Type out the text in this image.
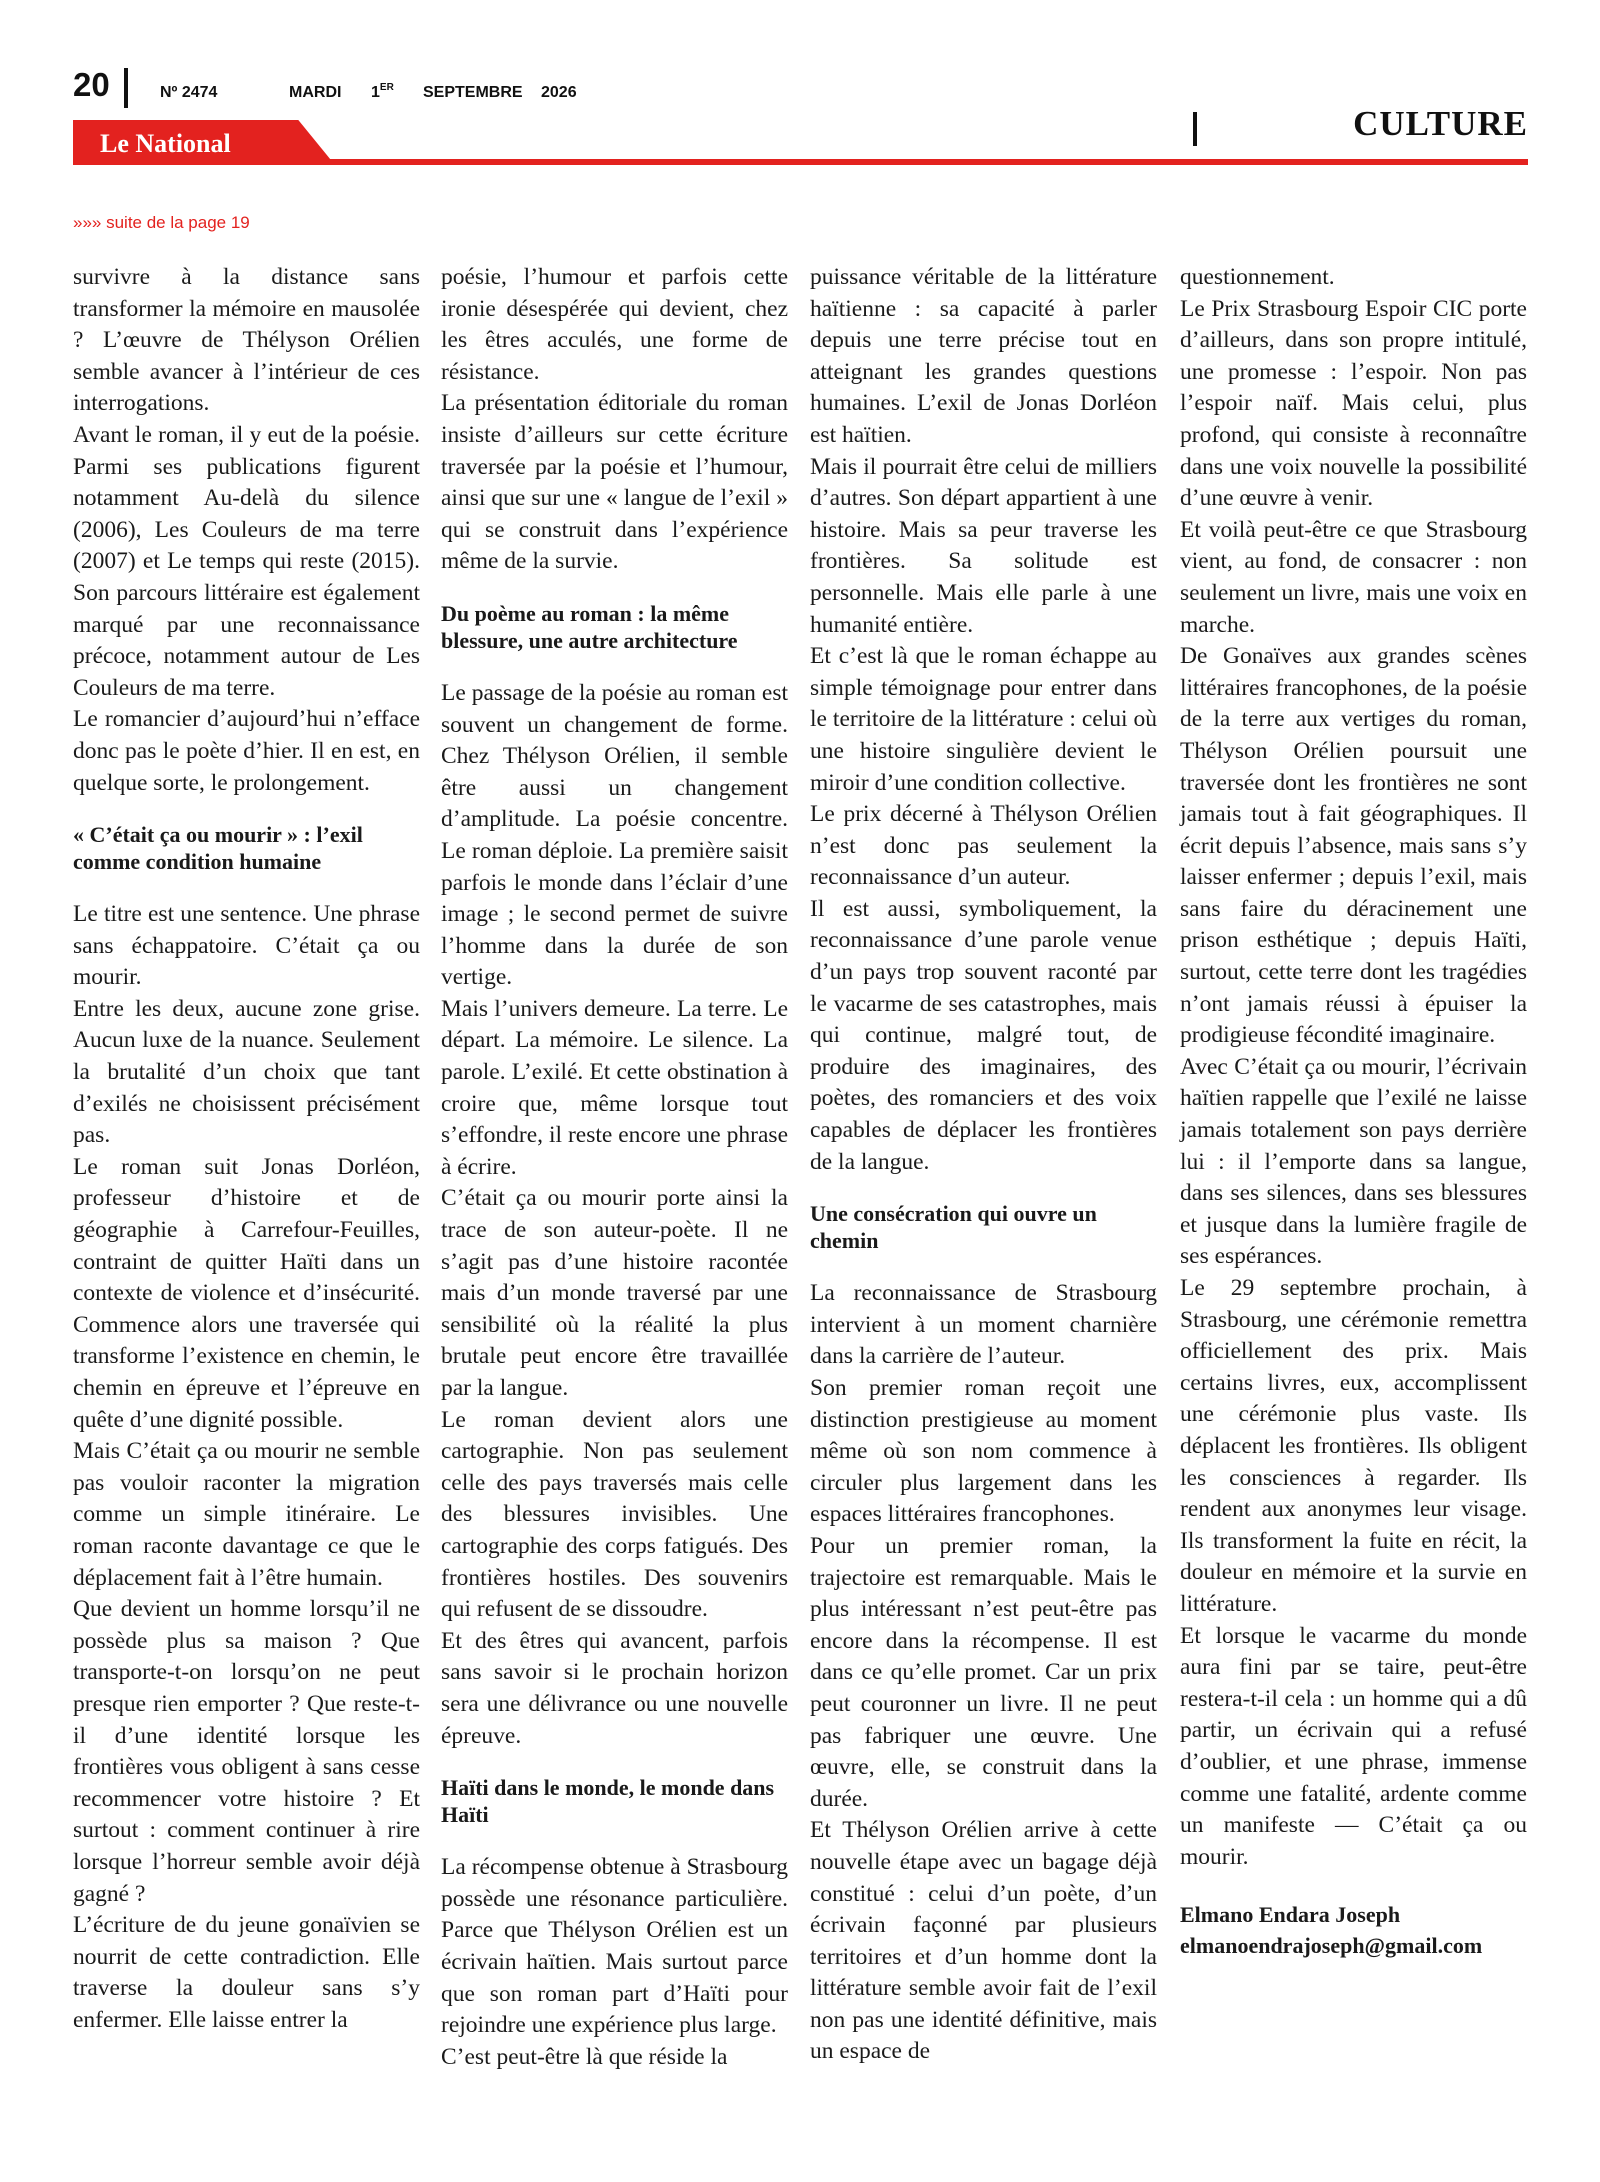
20	Nº 2474	MARDI 1ER SEPTEMBRE 2026
Le National
CULTURE
»»» suite de la page 19

survivre à la distance sans transformer la mémoire en mausolée ? L’œuvre de Thélyson Orélien semble avancer à l’intérieur de ces interrogations.

Avant le roman, il y eut de la poésie. Parmi ses publications figurent notamment Au-delà du silence (2006), Les Couleurs de ma terre (2007) et Le temps qui reste (2015). Son parcours littéraire est également marqué par une reconnaissance précoce, notamment autour de Les Couleurs de ma terre.

Le romancier d’aujourd’hui n’efface donc pas le poète d’hier. Il en est, en quelque sorte, le prolongement.

« C’était ça ou mourir » : l’exil comme condition humaine

Le titre est une sentence. Une phrase sans échappatoire. C’était ça ou mourir.

Entre les deux, aucune zone grise. Aucun luxe de la nuance. Seulement la brutalité d’un choix que tant d’exilés ne choisissent précisément pas.

Le roman suit Jonas Dorléon, professeur d’histoire et de géographie à Carrefour-Feuilles, contraint de quitter Haïti dans un contexte de violence et d’insécurité. Commence alors une traversée qui transforme l’existence en chemin, le chemin en épreuve et l’épreuve en quête d’une dignité possible.

Mais C’était ça ou mourir ne semble pas vouloir raconter la migration comme un simple itinéraire. Le roman raconte davantage ce que le déplacement fait à l’être humain.

Que devient un homme lorsqu’il ne possède plus sa maison ? Que transporte-t-on lorsqu’on ne peut presque rien emporter ? Que reste-t-il d’une identité lorsque les frontières vous obligent à sans cesse recommencer votre histoire ? Et surtout : comment continuer à rire lorsque l’horreur semble avoir déjà gagné ?

L’écriture de du jeune gonaïvien se nourrit de cette contradiction. Elle traverse la douleur sans s’y enfermer. Elle laisse entrer la

poésie, l’humour et parfois cette ironie désespérée qui devient, chez les êtres acculés, une forme de résistance.

La présentation éditoriale du roman insiste d’ailleurs sur cette écriture traversée par la poésie et l’humour, ainsi que sur une « langue de l’exil » qui se construit dans l’expérience même de la survie.

Du poème au roman : la même blessure, une autre architecture

Le passage de la poésie au roman est souvent un changement de forme. Chez Thélyson Orélien, il semble être aussi un changement d’amplitude. La poésie concentre. Le roman déploie. La première saisit parfois le monde dans l’éclair d’une image ; le second permet de suivre l’homme dans la durée de son vertige.

Mais l’univers demeure. La terre. Le départ. La mémoire. Le silence. La parole. L’exilé. Et cette obstination à croire que, même lorsque tout s’effondre, il reste encore une phrase à écrire.

C’était ça ou mourir porte ainsi la trace de son auteur-poète. Il ne s’agit pas d’une histoire racontée mais d’un monde traversé par une sensibilité où la réalité la plus brutale peut encore être travaillée par la langue.

Le roman devient alors une cartographie. Non pas seulement celle des pays traversés mais celle des blessures invisibles. Une cartographie des corps fatigués. Des frontières hostiles. Des souvenirs qui refusent de se dissoudre.

Et des êtres qui avancent, parfois sans savoir si le prochain horizon sera une délivrance ou une nouvelle épreuve.

Haïti dans le monde, le monde dans Haïti

La récompense obtenue à Strasbourg possède une résonance particulière. Parce que Thélyson Orélien est un écrivain haïtien. Mais surtout parce que son roman part d’Haïti pour rejoindre une expérience plus large.

C’est peut-être là que réside la

puissance véritable de la littérature haïtienne : sa capacité à parler depuis une terre précise tout en atteignant les grandes questions humaines. L’exil de Jonas Dorléon est haïtien.

Mais il pourrait être celui de milliers d’autres. Son départ appartient à une histoire. Mais sa peur traverse les frontières. Sa solitude est personnelle. Mais elle parle à une humanité entière.

Et c’est là que le roman échappe au simple témoignage pour entrer dans le territoire de la littérature : celui où une histoire singulière devient le miroir d’une condition collective.

Le prix décerné à Thélyson Orélien n’est donc pas seulement la reconnaissance d’un auteur.

Il est aussi, symboliquement, la reconnaissance d’une parole venue d’un pays trop souvent raconté par le vacarme de ses catastrophes, mais qui continue, malgré tout, de produire des imaginaires, des poètes, des romanciers et des voix capables de déplacer les frontières de la langue.

Une consécration qui ouvre un chemin

La reconnaissance de Strasbourg intervient à un moment charnière dans la carrière de l’auteur.

Son premier roman reçoit une distinction prestigieuse au moment même où son nom commence à circuler plus largement dans les espaces littéraires francophones.

Pour un premier roman, la trajectoire est remarquable. Mais le plus intéressant n’est peut-être pas encore dans la récompense. Il est dans ce qu’elle promet. Car un prix peut couronner un livre. Il ne peut pas fabriquer une œuvre. Une œuvre, elle, se construit dans la durée.

Et Thélyson Orélien arrive à cette nouvelle étape avec un bagage déjà constitué : celui d’un poète, d’un écrivain façonné par plusieurs territoires et d’un homme dont la littérature semble avoir fait de l’exil non pas une identité définitive, mais un espace de

questionnement.

Le Prix Strasbourg Espoir CIC porte d’ailleurs, dans son propre intitulé, une promesse : l’espoir. Non pas l’espoir naïf. Mais celui, plus profond, qui consiste à reconnaître dans une voix nouvelle la possibilité d’une œuvre à venir.

Et voilà peut-être ce que Strasbourg vient, au fond, de consacrer : non seulement un livre, mais une voix en marche.

De Gonaïves aux grandes scènes littéraires francophones, de la poésie de la terre aux vertiges du roman, Thélyson Orélien poursuit une traversée dont les frontières ne sont jamais tout à fait géographiques. Il écrit depuis l’absence, mais sans s’y laisser enfermer ; depuis l’exil, mais sans faire du déracinement une prison esthétique ; depuis Haïti, surtout, cette terre dont les tragédies n’ont jamais réussi à épuiser la prodigieuse fécondité imaginaire.

Avec C’était ça ou mourir, l’écrivain haïtien rappelle que l’exilé ne laisse jamais totalement son pays derrière lui : il l’emporte dans sa langue, dans ses silences, dans ses blessures et jusque dans la lumière fragile de ses espérances.

Le 29 septembre prochain, à Strasbourg, une cérémonie remettra officiellement des prix. Mais certains livres, eux, accomplissent une cérémonie plus vaste. Ils déplacent les frontières. Ils obligent les consciences à regarder. Ils rendent aux anonymes leur visage. Ils transforment la fuite en récit, la douleur en mémoire et la survie en littérature.

Et lorsque le vacarme du monde aura fini par se taire, peut-être restera-t-il cela : un homme qui a dû partir, un écrivain qui a refusé d’oublier, et une phrase, immense comme une fatalité, ardente comme un manifeste — C’était ça ou mourir.

Elmano Endara Joseph
elmanoendrajoseph@gmail.com
